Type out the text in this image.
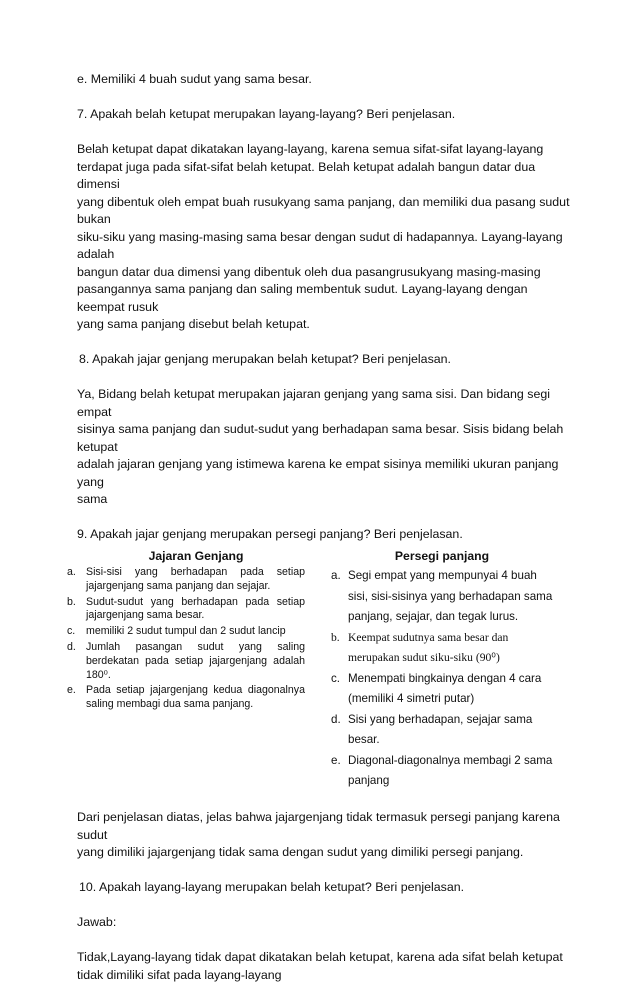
e. Memiliki 4 buah sudut yang sama besar.

7. Apakah belah ketupat merupakan layang-layang? Beri penjelasan.

Belah ketupat dapat dikatakan layang-layang, karena semua sifat-sifat layang-layang

terdapat juga pada sifat-sifat belah ketupat. Belah ketupat adalah bangun datar dua dimensi

yang dibentuk oleh empat buah rusukyang sama panjang, dan memiliki dua pasang sudut bukan

siku-siku yang masing-masing sama besar dengan sudut di hadapannya. Layang-layang adalah

bangun datar dua dimensi yang dibentuk oleh dua pasangrusukyang masing-masing

pasangannya sama panjang dan saling membentuk sudut. Layang-layang dengan keempat rusuk

yang sama panjang disebut belah ketupat.

8. Apakah jajar genjang merupakan belah ketupat? Beri penjelasan.

Ya, Bidang belah ketupat merupakan jajaran genjang yang sama sisi. Dan bidang segi empat

sisinya sama panjang dan sudut-sudut yang berhadapan sama besar. Sisis bidang belah ketupat

adalah jajaran genjang yang istimewa karena ke empat sisinya memiliki ukuran panjang yang

sama

9. Apakah jajar genjang merupakan persegi panjang? Beri penjelasan.

Jajaran Genjang
a. Sisi-sisi yang berhadapan pada setiap jajargenjang sama panjang dan sejajar.
b. Sudut-sudut yang berhadapan pada setiap jajargenjang sama besar.
c. memiliki 2 sudut tumpul dan 2 sudut lancip
d. Jumlah pasangan sudut yang saling berdekatan pada setiap jajargenjang adalah 180⁰.
e. Pada setiap jajargenjang kedua diagonalnya saling membagi dua sama panjang.
Persegi panjang
a. Segi empat yang mempunyai 4 buah sisi, sisi-sisinya yang berhadapan sama panjang, sejajar, dan tegak lurus.
b. Keempat sudutnya sama besar dan merupakan sudut siku-siku (90⁰)
c. Menempati bingkainya dengan 4 cara (memiliki 4 simetri putar)
d. Sisi yang berhadapan, sejajar sama besar.
e. Diagonal-diagonalnya membagi 2 sama panjang

Dari penjelasan diatas, jelas bahwa jajargenjang tidak termasuk persegi panjang karena sudut

yang dimiliki jajargenjang tidak sama dengan sudut yang dimiliki persegi panjang.

10. Apakah layang-layang merupakan belah ketupat? Beri penjelasan.

Jawab:

Tidak,Layang-layang tidak dapat dikatakan belah ketupat, karena ada sifat belah ketupat

tidak dimiliki sifat pada layang-layang
